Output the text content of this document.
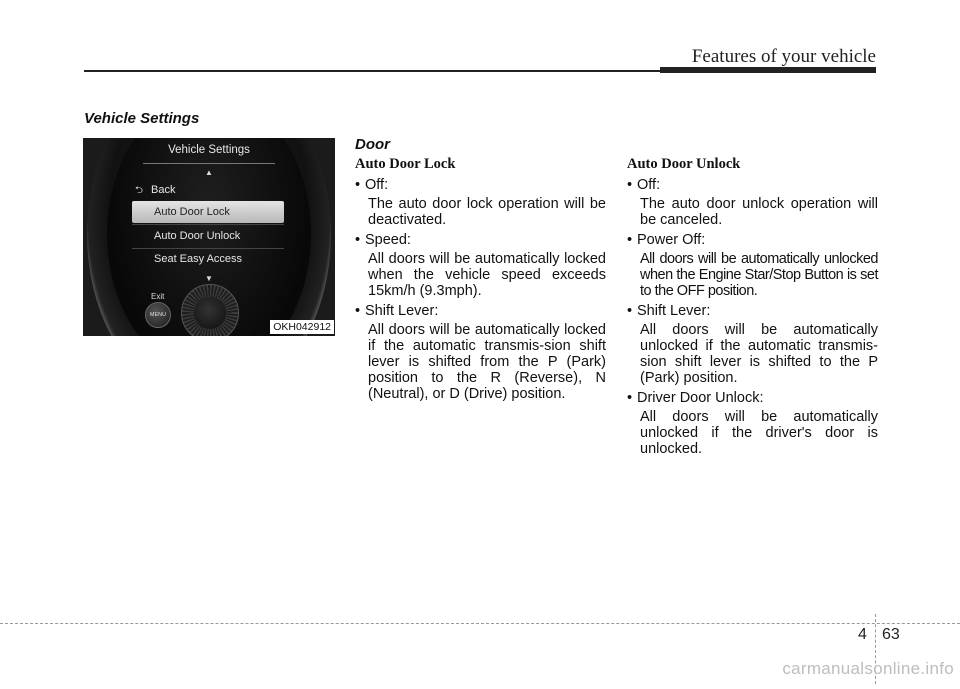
Features of your vehicle
Vehicle Settings
Vehicle Settings
▲
⮌ Back
Auto Door Lock
Auto Door Unlock
Seat Easy Access
▼
Exit
MENU
OKH042912
Door
Auto Door Lock
• Off:
The auto door lock operation will be deactivated.
• Speed:
All doors will be automatically locked when the vehicle speed exceeds 15km/h (9.3mph).
• Shift Lever:
All doors will be automatically locked if the automatic transmis-sion shift lever is shifted from the P (Park) position to the R (Reverse), N (Neutral), or D (Drive) position.
Auto Door Unlock
• Off:
The auto door unlock operation will be canceled.
• Power Off:
All doors will be automatically unlocked when the Engine Star/Stop Button is set to the OFF position.
• Shift Lever:
All doors will be automatically unlocked if the automatic transmis-sion shift lever is shifted to the P (Park) position.
• Driver Door Unlock:
All doors will be automatically unlocked if the driver's door is unlocked.
4 63
carmanualsonline.info
